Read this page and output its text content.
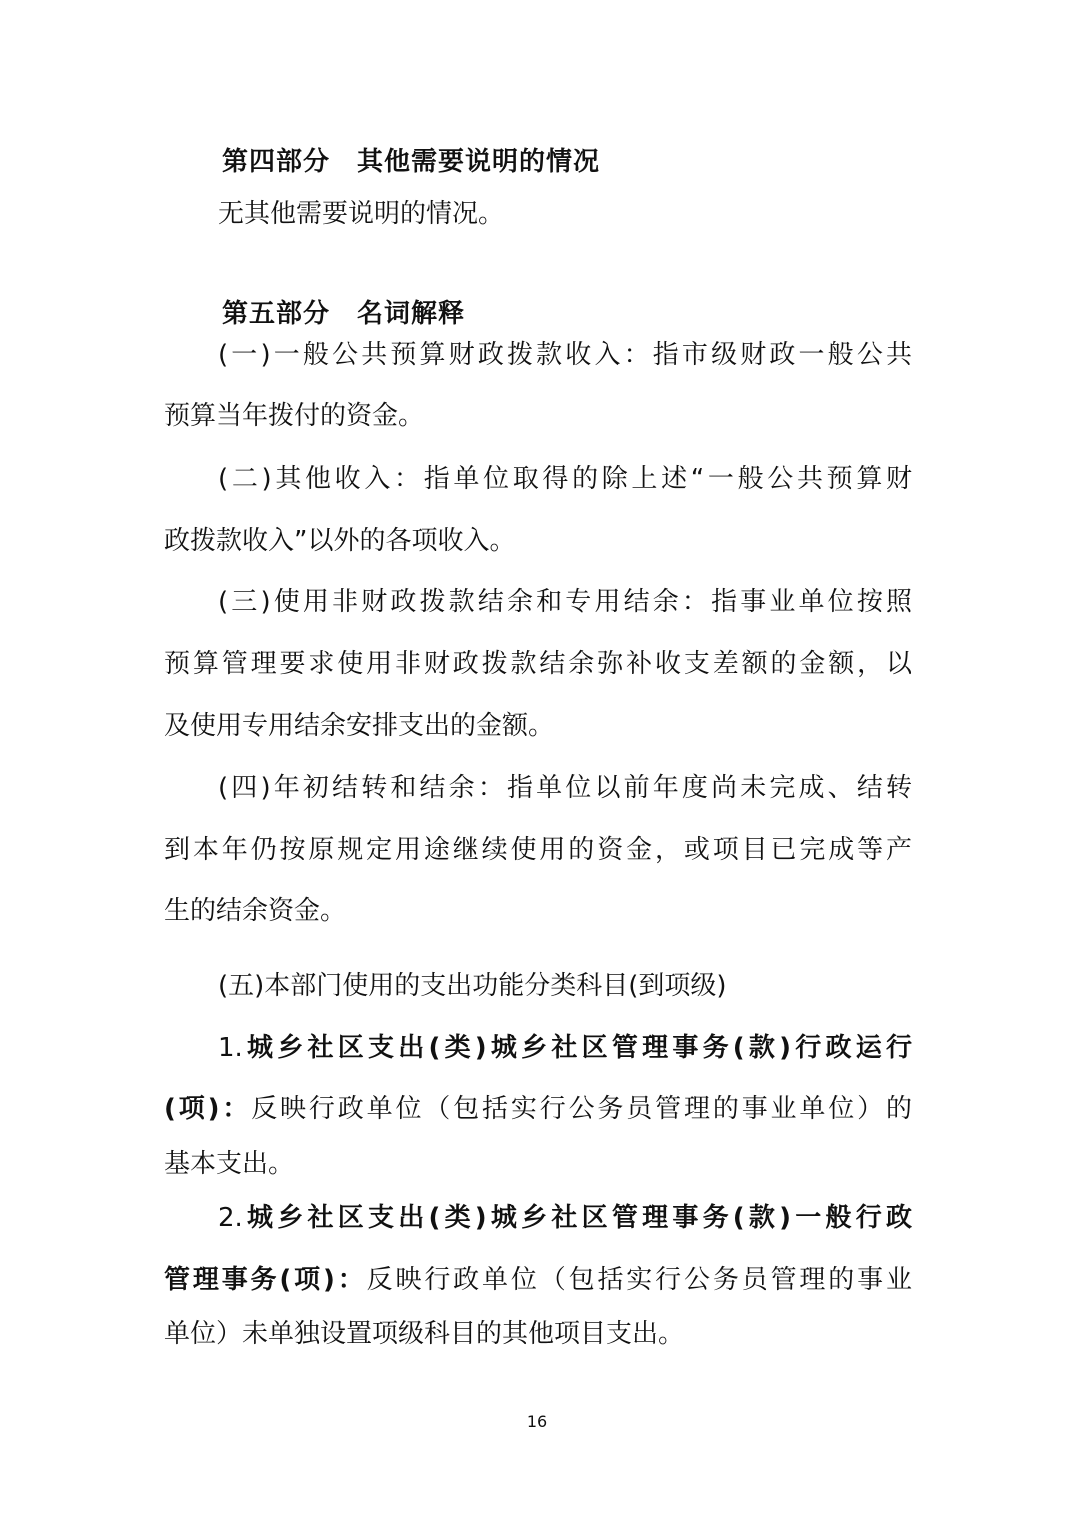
第四部分　其他需要说明的情况
无其他需要说明的情况。
第五部分　名词解释
(一)一般公共预算财政拨款收入：指市级财政一般公共
预算当年拨付的资金。
(二)其他收入：指单位取得的除上述“一般公共预算财
政拨款收入”以外的各项收入。
(三)使用非财政拨款结余和专用结余：指事业单位按照
预算管理要求使用非财政拨款结余弥补收支差额的金额，以
及使用专用结余安排支出的金额。
(四)年初结转和结余：指单位以前年度尚未完成、结转
到本年仍按原规定用途继续使用的资金，或项目已完成等产
生的结余资金。
(五)本部门使用的支出功能分类科目(到项级)
1.城乡社区支出(类)城乡社区管理事务(款)行政运行
(项)：反映行政单位（包括实行公务员管理的事业单位）的
基本支出。
2.城乡社区支出(类)城乡社区管理事务(款)一般行政
管理事务(项)：反映行政单位（包括实行公务员管理的事业
单位）未单独设置项级科目的其他项目支出。
16
